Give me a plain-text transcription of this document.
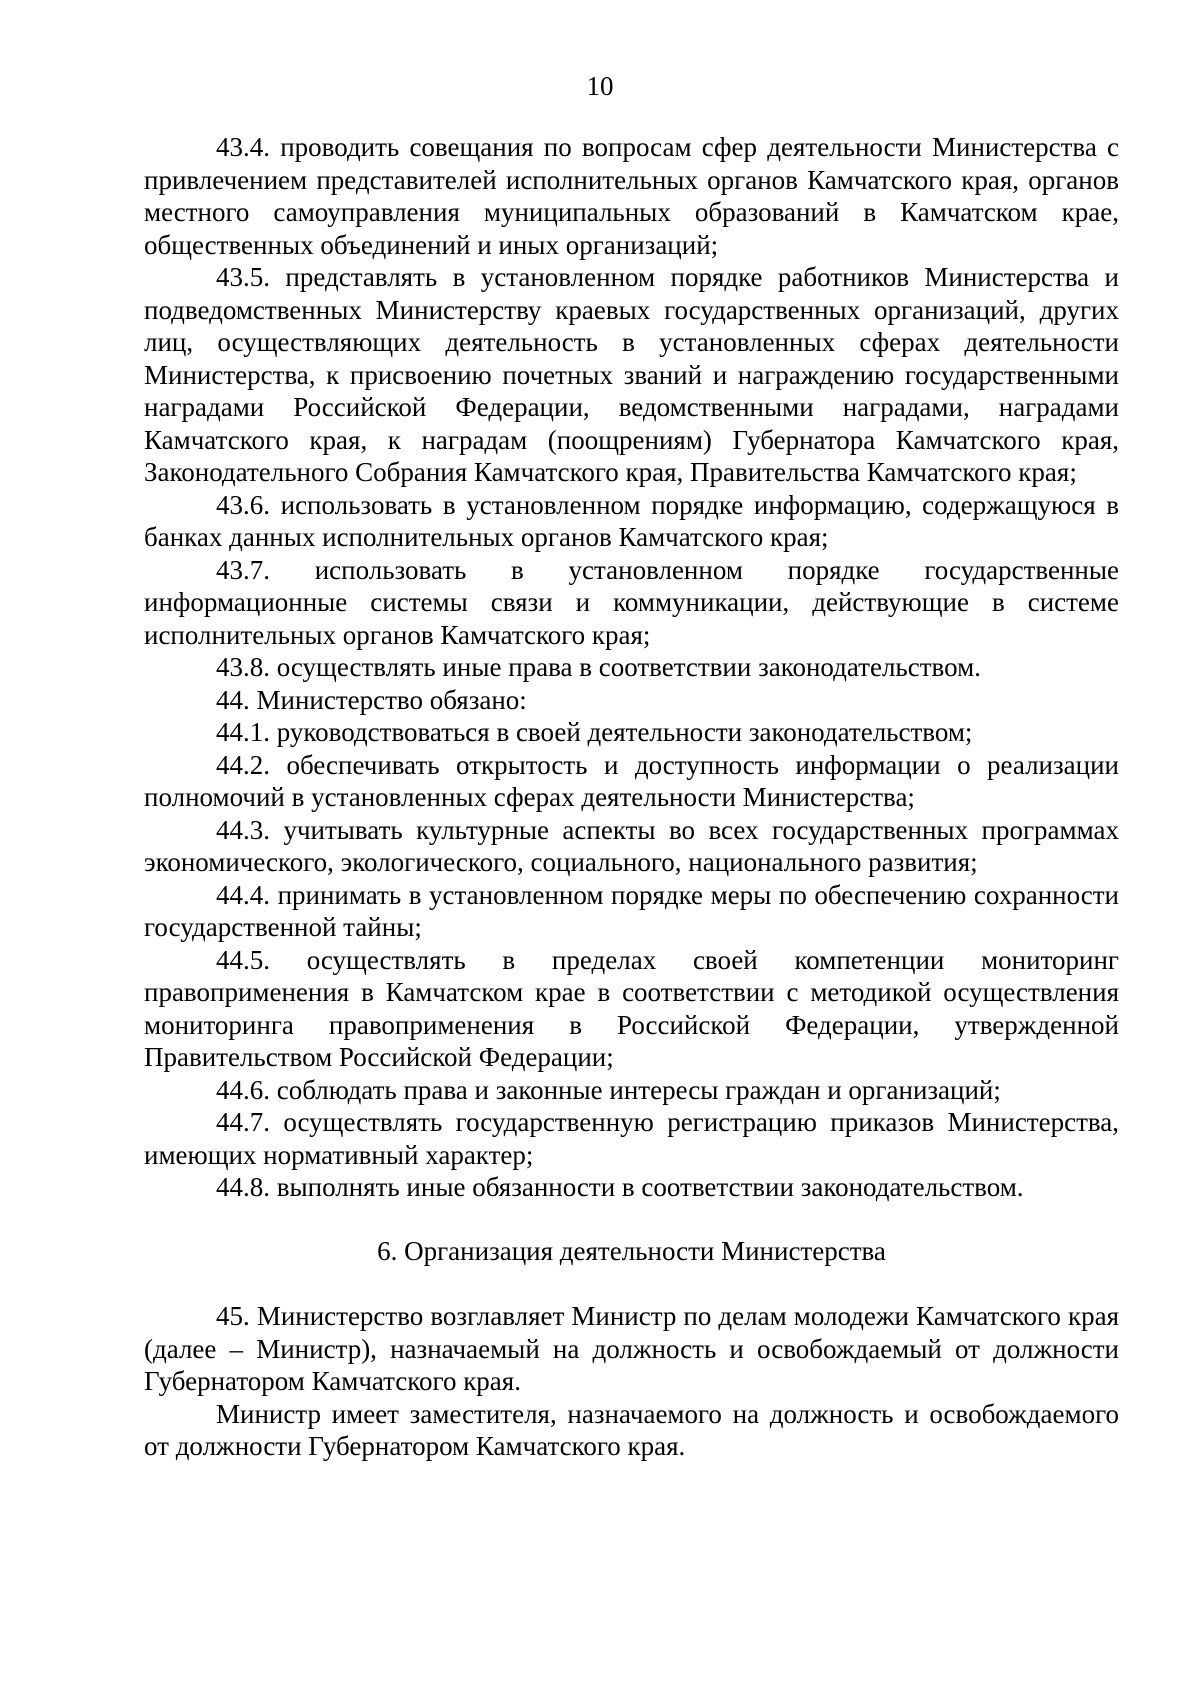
10

43.4. проводить совещания по вопросам сфер деятельности Министерства с привлечением представителей исполнительных органов Камчатского края, органов местного самоуправления муниципальных образований в Камчатском крае, общественных объединений и иных организаций;

43.5. представлять в установленном порядке работников Министерства и подведомственных Министерству краевых государственных организаций, других лиц, осуществляющих деятельность в установленных сферах деятельности Министерства, к присвоению почетных званий и награждению государственными наградами Российской Федерации, ведомственными наградами, наградами Камчатского края, к наградам (поощрениям) Губернатора Камчатского края, Законодательного Собрания Камчатского края, Правительства Камчатского края;

43.6. использовать в установленном порядке информацию, содержащуюся в банках данных исполнительных органов Камчатского края;

43.7. использовать в установленном порядке государственные информационные системы связи и коммуникации, действующие в системе исполнительных органов Камчатского края;

43.8. осуществлять иные права в соответствии законодательством.

44. Министерство обязано:

44.1. руководствоваться в своей деятельности законодательством;

44.2. обеспечивать открытость и доступность информации о реализации полномочий в установленных сферах деятельности Министерства;

44.3. учитывать культурные аспекты во всех государственных программах экономического, экологического, социального, национального развития;

44.4. принимать в установленном порядке меры по обеспечению сохранности государственной тайны;

44.5. осуществлять в пределах своей компетенции мониторинг правоприменения в Камчатском крае в соответствии с методикой осуществления мониторинга правоприменения в Российской Федерации, утвержденной Правительством Российской Федерации;

44.6. соблюдать права и законные интересы граждан и организаций;

44.7. осуществлять государственную регистрацию приказов Министерства, имеющих нормативный характер;

44.8. выполнять иные обязанности в соответствии законодательством.

6. Организация деятельности Министерства

45. Министерство возглавляет Министр по делам молодежи Камчатского края (далее – Министр), назначаемый на должность и освобождаемый от должности Губернатором Камчатского края.

Министр имеет заместителя, назначаемого на должность и освобождаемого от должности Губернатором Камчатского края.
